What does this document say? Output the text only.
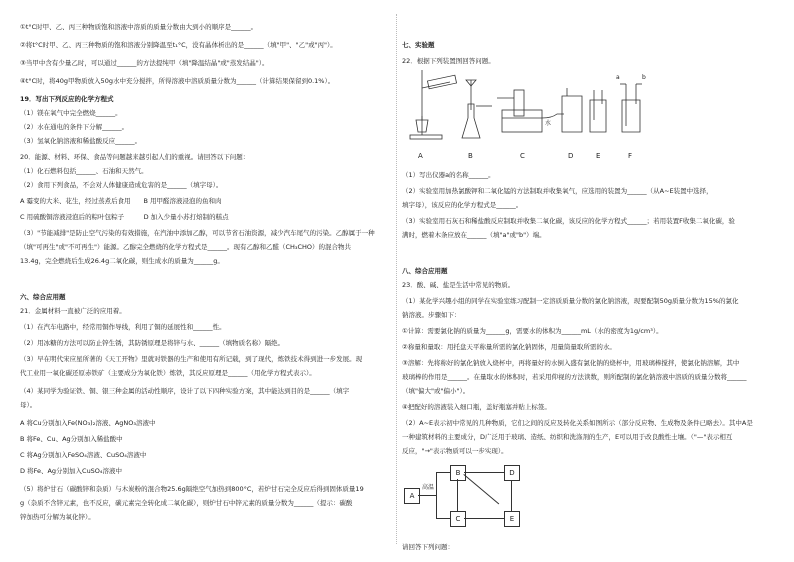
①t°C时甲、乙、丙三种物质饱和溶液中溶质的质量分数由大到小的顺序是______。
②将t°C时甲、乙、丙三种物质的饱和溶液分别降温至t₁°C，没有晶体析出的是______（填"甲"、"乙"或"丙"）。
③当甲中含有少量乙时，可以通过______的方法提纯甲（填"降温结晶"或"蒸发结晶"）。
④t°C时，将40g甲物质放入50g水中充分搅拌，所得溶液中溶质质量分数为______（计算结果保留到0.1%）。
19．写出下列反应的化学方程式
（1）镁在氧气中完全燃烧______。
（2）水在通电的条件下分解______。
（3）氢氧化钠溶液和稀盐酸反应______。
20．能源、材料、环保、食品等问题越来越引起人们的重视。请回答以下问题：
（1）化石燃料包括______、石油和天然气。
（2）食用下列食品，不会对人体健康造成危害的是______（填字母）。
A 霉变的大米、花生，经过蒸煮后食用　　B 用甲醛溶液浸泡的鱼和肉
C 用硫酸铜溶液浸泡后的粽叶包粽子　　　D 加入少量小苏打焙制的糕点
（3）"节能减排"是防止空气污染的有效措施，在汽油中添加乙醇，可以节省石油资源，减少汽车尾气的污染。乙醇属于一种
（填"可再生"或"不可再生"）能源。乙醇完全燃烧的化学方程式是______。现有乙醇和乙醛（CH₃CHO）的混合物共
13.4g，完全燃烧后生成26.4g二氧化碳，则生成水的质量为______g。
六、综合应用题
21．金属材料一直被广泛的应用着。
（1）在汽车电路中，经常用铜作导线，利用了铜的延展性和______性。
（2）用冰糖的方法可以防止锌生锈，其防锈原理是将锌与水、______（填物质名称）隔绝。
（3）早在明代宋应星所著的《天工开物》里就对铁器的生产和使用有所记载，到了现代，炼铁技术得到进一步发展。现
代工业用一氧化碳还原赤铁矿（主要成分为氧化铁）炼铁，其反应原理是______（用化学方程式表示）。
（4）某同学为验证铁、铜、银三种金属的活动性顺序，设计了以下四种实验方案，其中能达到目的是______（填字
母）。
A 将Cu分别加入Fe(NO₃)₂溶液、AgNO₃溶液中
B 将Fe、Cu、Ag分别加入稀盐酸中
C 将Ag分别加入FeSO₄溶液、CuSO₄溶液中
D 将Fe、Ag分别加入CuSO₄溶液中
（5）将炉甘石（碳酸锌和杂质）与木炭粉的混合物25.6g隔绝空气加热到800°C，若炉甘石完全反应后得到固体质量19
g（杂质不含锌元素，也不反应，碳元素完全转化成二氧化碳），则炉甘石中锌元素的质量分数为______（提示：碳酸
锌加热可分解为氧化锌）。
七、实验题
22．根据下列装置图回答问题。
A	B	C	D	E	F
水
a	b
（1）写出仪器a的名称______。
（2）实验室用加热氯酸钾和二氧化锰的方法制取并收集氧气，应选用的装置为______（从A~E装置中选择，
填字母），该反应的化学方程式是______。
（3）实验室用石灰石和稀盐酸反应制取并收集二氧化碳，该反应的化学方程式______；若用装置F收集二氧化碳，验
满时，燃着木条应放在______（填"a"或"b"）端。
八、综合应用题
23．酸、碱、盐是生活中常见的物质。
（1）某化学兴趣小组的同学在实验室练习配制一定溶质质量分数的氯化钠溶液，现要配制50g质量分数为15%的氯化
钠溶液。步骤如下：
①计算：需要氯化钠的质量为______g，需要水的体积为______mL（水的密度为1g/cm³）。
②称量和量取：用托盘天平称量所需的氯化钠固体，用量筒量取所需的水。
③溶解：先将称好的氯化钠放入烧杯中，再将量好的水倒入盛有氯化钠的烧杯中，用玻璃棒搅拌，使氯化钠溶解，其中
玻璃棒的作用是______。在量取水的体积时，若采用仰视的方法读数，则所配制的氯化钠溶液中溶质的质量分数将______
（填"偏大"或"偏小"）。
④把配好的溶液装入细口瓶，盖好瓶塞并贴上标签。
（2）A~E表示初中常见的几种物质，它们之间的反应及转化关系如图所示（部分反应物、生成物及条件已略去）。其中A是
一种建筑材料的主要成分，D广泛用于玻璃、造纸、纺织和洗涤剂的生产，E可以用于改良酸性土壤。（"—"表示相互
反应，"→"表示物质可以一步实现）。
A
高温
B
C
D
E
请回答下列问题：
